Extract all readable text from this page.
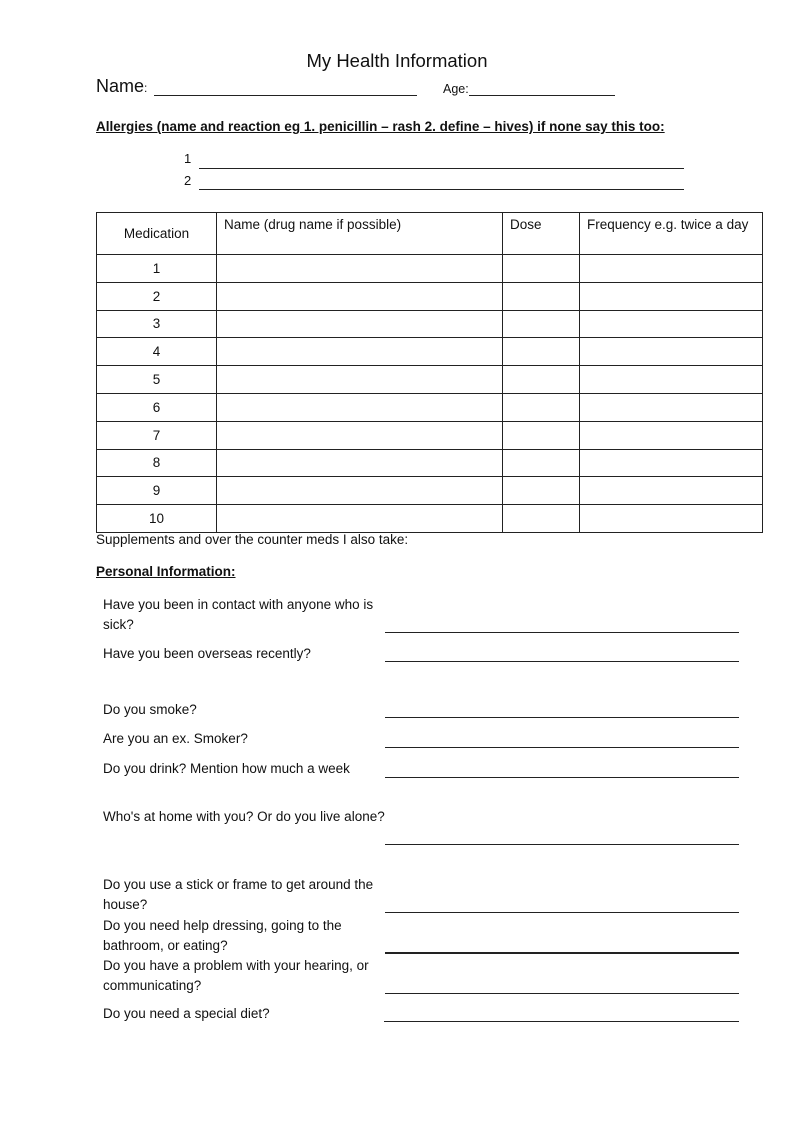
My Health Information
Name:	Age:
Allergies (name and reaction eg 1. penicillin – rash 2. define – hives) if none say this too:
1
2
Medication	Name (drug name if possible)	Dose	Frequency e.g. twice a day
1			
2			
3			
4			
5			
6			
7			
8			
9			
10			
Supplements and over the counter meds I also take:
Personal Information:
Have you been in contact with anyone who is sick?
Have you been overseas recently?
Do you smoke?
Are you an ex. Smoker?
Do you drink? Mention how much a week
Who's at home with you? Or do you live alone?
Do you use a stick or frame to get around the house?
Do you need help dressing, going to the bathroom, or eating?
Do you have a problem with your hearing, or communicating?
Do you need a special diet?
